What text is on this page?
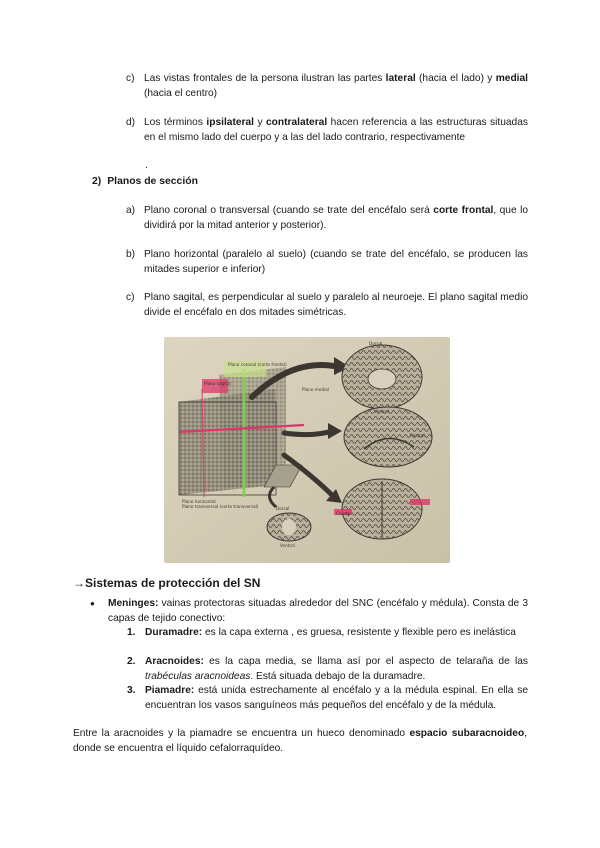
c) Las vistas frontales de la persona ilustran las partes lateral (hacia el lado) y medial (hacia el centro)
d) Los términos ipsilateral y contralateral hacen referencia a las estructuras situadas en el mismo lado del cuerpo y a las del lado contrario, respectivamente
.
2) Planos de sección
a) Plano coronal o transversal (cuando se trate del encéfalo será corte frontal, que lo dividirá por la mitad anterior y posterior).
b) Plano horizontal (paralelo al suelo) (cuando se trate del encéfalo, se producen las mitades superior e inferior)
c) Plano sagital, es perpendicular al suelo y paralelo al neuroeje. El plano sagital medio divide el encéfalo en dos mitades simétricas.
Plano coronal (corte frontal)
Plano sagital
Plano medial
Plano horizontal
Plano transversal (corte transversal)
Dorsal
Ventral
Rostral
Caudal
Dorsal
Ventral
→Sistemas de protección del SN
●	Meninges: vainas protectoras situadas alrededor del SNC (encéfalo y médula). Consta de 3 capas de tejido conectivo:
1. Duramadre: es la capa externa , es gruesa, resistente y flexible pero es inelástica
2. Aracnoides: es la capa media, se llama así por el aspecto de telaraña de las trabéculas aracnoideas. Está situada debajo de la duramadre.
3. Piamadre: está unida estrechamente al encéfalo y a la médula espinal. En ella se encuentran los vasos sanguíneos más pequeños del encéfalo y de la médula.
Entre la aracnoides y la piamadre se encuentra un hueco denominado espacio subaracnoideo, donde se encuentra el líquido cefalorraquídeo.
